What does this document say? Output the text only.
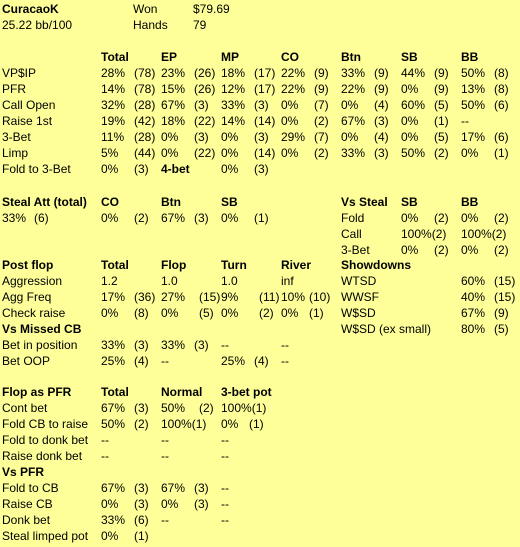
CuracaoK
25.22 bb/100
Won	$79.69
Hands 79
Total	EP	MP	CO	Btn	SB	BB
VP$IP	28% (78) 23% (26) 18% (17) 22% (9) 33% (9) 44% (9) 50% (8)
PFR	14% (78) 15% (26) 12% (17) 22% (9) 22% (9) 0% (9) 13% (8)
Call Open	32% (28) 67% (3) 33% (3) 0% (7) 0% (4) 60% (5) 50% (6)
Raise 1st	19% (42) 18% (22) 14% (14) 0% (2) 67% (3) 0% (1) --
3-Bet	11% (28) 0% (3) 0% (3) 29% (7) 0% (4) 0% (5) 17% (6)
Limp	5% (44) 0% (22) 0% (14) 0% (2) 33% (3) 50% (2) 0% (1)
Fold to 3-Bet	0% (3) 4-bet	0% (3)
Steal Att (total) CO	Btn	SB	Vs Steal SB	BB
33% (6)	0% (2) 67% (3) 0% (1)	Fold	0% (2) 0% (2)
Call	100%(2) 100%(2)
3-Bet	0% (2) 0% (2)
Post flop	Total	Flop	Turn	River Showdowns
Aggression	1.2	1.0	1.0	inf
Agg Freq	17% (36) 27% (15) 9% (11) 10% (10)
Check raise	0% (8) 0% (5) 0% (2) 0% (1)
WTSD	60% (15)
WWSF	40% (15)
W$SD	67% (9)
W$SD (ex small) 80% (5)
Vs Missed CB
Bet in position 33% (3) 33% (3) --	--
Bet OOP	25% (4) --	25% (4) --
Flop as PFR Total	Normal 3-bet pot
Cont bet	67% (3) 50% (2) 100%(1)
Fold CB to raise 50% (2) 100%(1) 0% (1)
Fold to donk bet --	--	--
Raise donk bet --	--	--
Vs PFR
Fold to CB	67% (3) 67% (3) --
Raise CB	0% (3) 0% (3) --
Donk bet	33% (6) --	--
Steal limped pot 0% (1)
